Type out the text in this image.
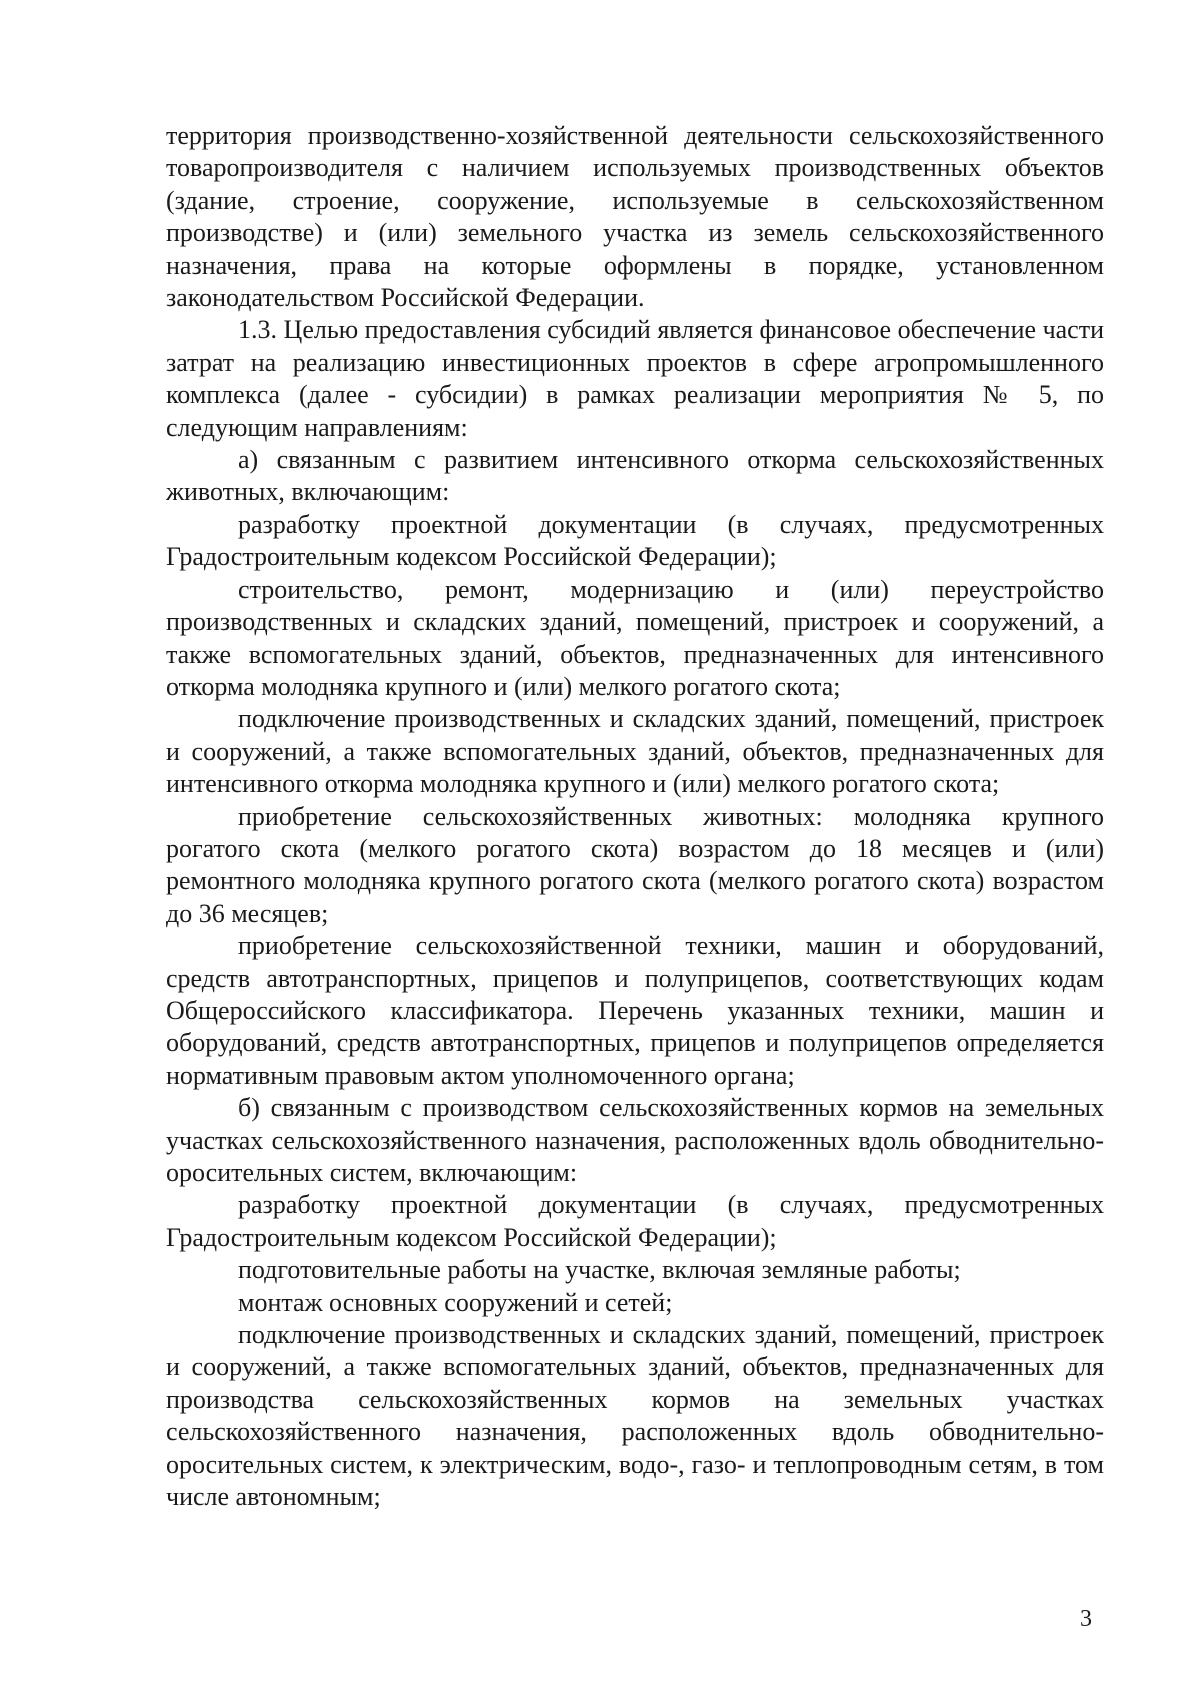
территория производственно-хозяйственной деятельности сельскохозяйственного товаропроизводителя с наличием используемых производственных объектов (здание, строение, сооружение, используемые в сельскохозяйственном производстве) и (или) земельного участка из земель сельскохозяйственного назначения, права на которые оформлены в порядке, установленном законодательством Российской Федерации.

1.3. Целью предоставления субсидий является финансовое обеспечение части затрат на реализацию инвестиционных проектов в сфере агропромышленного комплекса (далее - субсидии) в рамках реализации мероприятия № 5, по следующим направлениям:

а) связанным с развитием интенсивного откорма сельскохозяйственных животных, включающим:

разработку проектной документации (в случаях, предусмотренных Градостроительным кодексом Российской Федерации);

строительство, ремонт, модернизацию и (или) переустройство производственных и складских зданий, помещений, пристроек и сооружений, а также вспомогательных зданий, объектов, предназначенных для интенсивного откорма молодняка крупного и (или) мелкого рогатого скота;

подключение производственных и складских зданий, помещений, пристроек и сооружений, а также вспомогательных зданий, объектов, предназначенных для интенсивного откорма молодняка крупного и (или) мелкого рогатого скота;

приобретение сельскохозяйственных животных: молодняка крупного рогатого скота (мелкого рогатого скота) возрастом до 18 месяцев и (или) ремонтного молодняка крупного рогатого скота (мелкого рогатого скота) возрастом до 36 месяцев;

приобретение сельскохозяйственной техники, машин и оборудований, средств автотранспортных, прицепов и полуприцепов, соответствующих кодам Общероссийского классификатора. Перечень указанных техники, машин и оборудований, средств автотранспортных, прицепов и полуприцепов определяется нормативным правовым актом уполномоченного органа;

б) связанным с производством сельскохозяйственных кормов на земельных участках сельскохозяйственного назначения, расположенных вдоль обводнительно-оросительных систем, включающим:

разработку проектной документации (в случаях, предусмотренных Градостроительным кодексом Российской Федерации);

подготовительные работы на участке, включая земляные работы;

монтаж основных сооружений и сетей;

подключение производственных и складских зданий, помещений, пристроек и сооружений, а также вспомогательных зданий, объектов, предназначенных для производства сельскохозяйственных кормов на земельных участках сельскохозяйственного назначения, расположенных вдоль обводнительно-оросительных систем, к электрическим, водо-, газо- и теплопроводным сетям, в том числе автономным;

3
